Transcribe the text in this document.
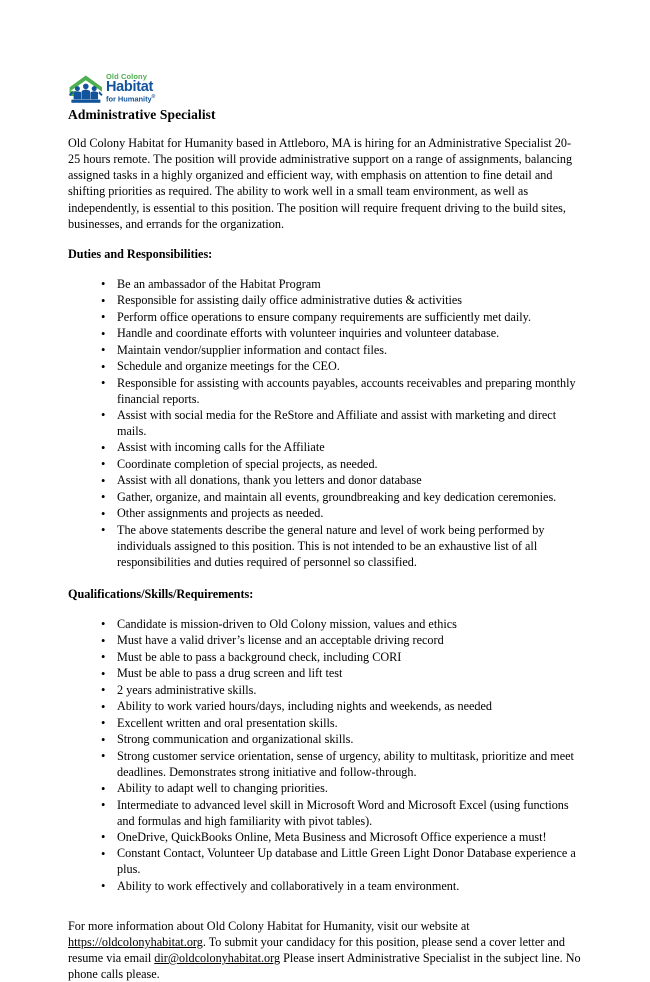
Old Colony
Habitat
for Humanity®
Administrative Specialist

Old Colony Habitat for Humanity based in Attleboro, MA is hiring for an Administrative Specialist 20-25 hours remote. The position will provide administrative support on a range of assignments, balancing assigned tasks in a highly organized and efficient way, with emphasis on attention to fine detail and shifting priorities as required. The ability to work well in a small team environment, as well as independently, is essential to this position. The position will require frequent driving to the build sites, businesses, and errands for the organization.

Duties and Responsibilities:
• Be an ambassador of the Habitat Program
• Responsible for assisting daily office administrative duties & activities
• Perform office operations to ensure company requirements are sufficiently met daily.
• Handle and coordinate efforts with volunteer inquiries and volunteer database.
• Maintain vendor/supplier information and contact files.
• Schedule and organize meetings for the CEO.
• Responsible for assisting with accounts payables, accounts receivables and preparing monthly financial reports.
• Assist with social media for the ReStore and Affiliate and assist with marketing and direct mails.
• Assist with incoming calls for the Affiliate
• Coordinate completion of special projects, as needed.
• Assist with all donations, thank you letters and donor database
• Gather, organize, and maintain all events, groundbreaking and key dedication ceremonies.
• Other assignments and projects as needed.
• The above statements describe the general nature and level of work being performed by individuals assigned to this position. This is not intended to be an exhaustive list of all responsibilities and duties required of personnel so classified.
Qualifications/Skills/Requirements:
• Candidate is mission-driven to Old Colony mission, values and ethics
• Must have a valid driver’s license and an acceptable driving record
• Must be able to pass a background check, including CORI
• Must be able to pass a drug screen and lift test
• 2 years administrative skills.
• Ability to work varied hours/days, including nights and weekends, as needed
• Excellent written and oral presentation skills.
• Strong communication and organizational skills.
• Strong customer service orientation, sense of urgency, ability to multitask, prioritize and meet deadlines. Demonstrates strong initiative and follow-through.
• Ability to adapt well to changing priorities.
• Intermediate to advanced level skill in Microsoft Word and Microsoft Excel (using functions and formulas and high familiarity with pivot tables).
• OneDrive, QuickBooks Online, Meta Business and Microsoft Office experience a must!
• Constant Contact, Volunteer Up database and Little Green Light Donor Database experience a plus.
• Ability to work effectively and collaboratively in a team environment.

For more information about Old Colony Habitat for Humanity, visit our website at https://oldcolonyhabitat.org. To submit your candidacy for this position, please send a cover letter and resume via email dir@oldcolonyhabitat.org Please insert Administrative Specialist in the subject line. No phone calls please.
